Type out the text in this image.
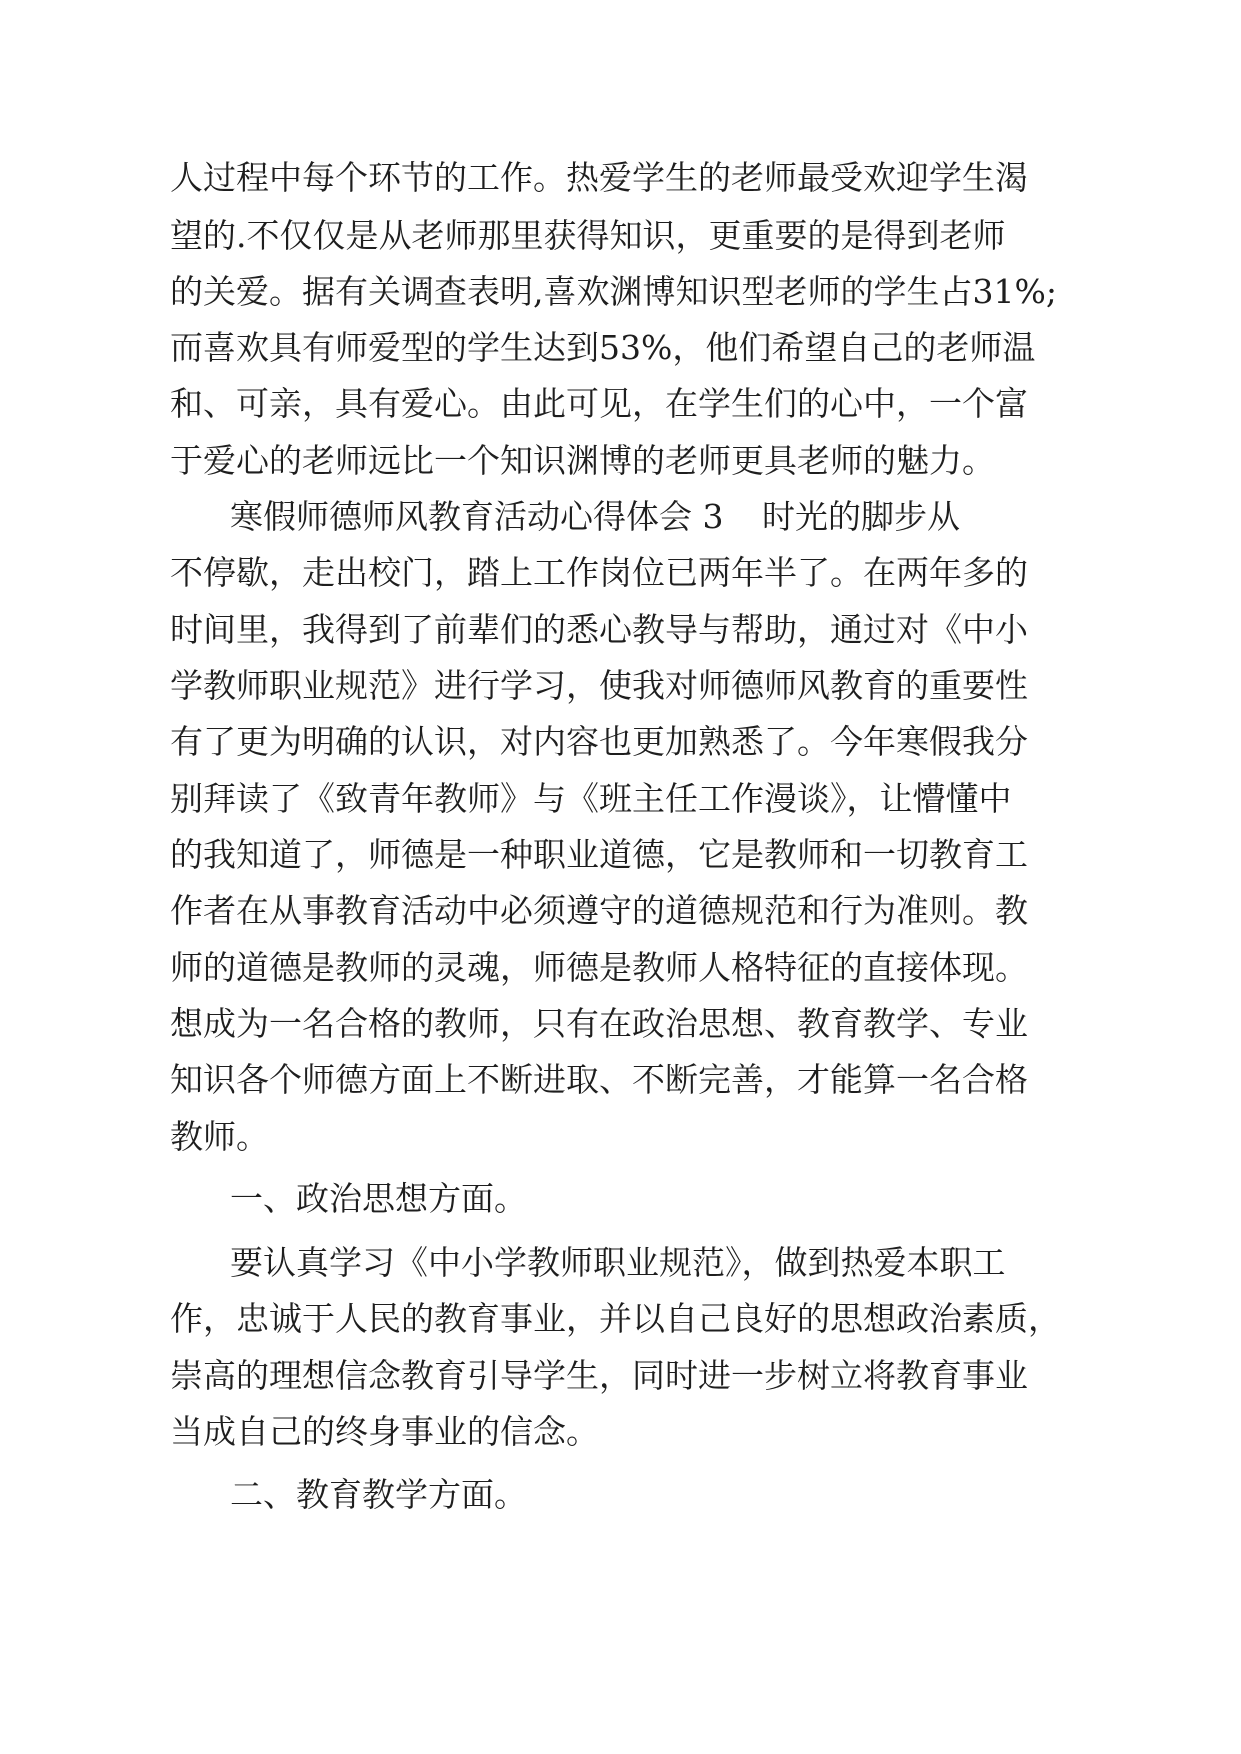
人过程中每个环节的工作。热爱学生的老师最受欢迎学生渴
望的.不仅仅是从老师那里获得知识，更重要的是得到老师
的关爱。据有关调查表明,喜欢渊博知识型老师的学生占31%;
而喜欢具有师爱型的学生达到53%，他们希望自己的老师温
和、可亲，具有爱心。由此可见，在学生们的心中，一个富
于爱心的老师远比一个知识渊博的老师更具老师的魅力。
寒假师德师风教育活动心得体会 3 时光的脚步从
不停歇，走出校门，踏上工作岗位已两年半了。在两年多的
时间里，我得到了前辈们的悉心教导与帮助，通过对《中小
学教师职业规范》进行学习，使我对师德师风教育的重要性
有了更为明确的认识，对内容也更加熟悉了。今年寒假我分
别拜读了《致青年教师》与《班主任工作漫谈》，让懵懂中
的我知道了，师德是一种职业道德，它是教师和一切教育工
作者在从事教育活动中必须遵守的道德规范和行为准则。教
师的道德是教师的灵魂，师德是教师人格特征的直接体现。
想成为一名合格的教师，只有在政治思想、教育教学、专业
知识各个师德方面上不断进取、不断完善，才能算一名合格
教师。
一、政治思想方面。
要认真学习《中小学教师职业规范》，做到热爱本职工
作，忠诚于人民的教育事业，并以自己良好的思想政治素质，
崇高的理想信念教育引导学生，同时进一步树立将教育事业
当成自己的终身事业的信念。
二、教育教学方面。
